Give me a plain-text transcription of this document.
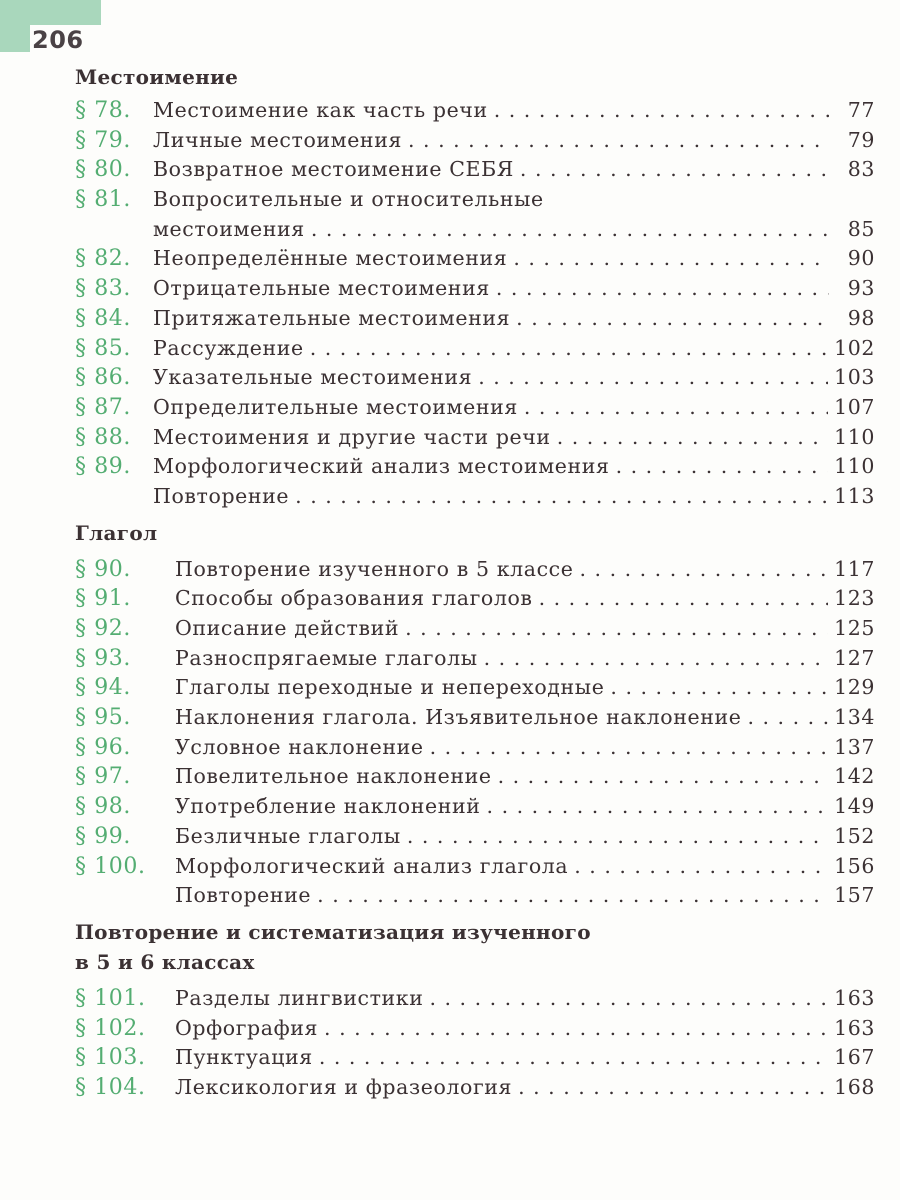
206
Местоимение
§ 78.	Местоимение как часть речи . . .	77
§ 79.	Личные местоимения . . .	79
§ 80.	Возвратное местоимение СЕБЯ . . .	83
§ 81.	Вопросительные и относительные
местоимения . . .	85
§ 82.	Неопределённые местоимения . . .	90
§ 83.	Отрицательные местоимения . . .	93
§ 84.	Притяжательные местоимения . . .	98
§ 85.	Рассуждение . . .	102
§ 86.	Указательные местоимения . . .	103
§ 87.	Определительные местоимения . . .	107
§ 88.	Местоимения и другие части речи . . .	110
§ 89.	Морфологический анализ местоимения . . .	110
Повторение . . .	113
Глагол
§ 90.	Повторение изученного в 5 классе . . .	117
§ 91.	Способы образования глаголов . . .	123
§ 92.	Описание действий . . .	125
§ 93.	Разноспрягаемые глаголы . . .	127
§ 94.	Глаголы переходные и непереходные . . .	129
§ 95.	Наклонения глагола. Изъявительное наклонение . . .	134
§ 96.	Условное наклонение . . .	137
§ 97.	Повелительное наклонение . . .	142
§ 98.	Употребление наклонений . . .	149
§ 99.	Безличные глаголы . . .	152
§ 100.	Морфологический анализ глагола . . .	156
Повторение . . .	157
Повторение и систематизация изученного
в 5 и 6 классах
§ 101.	Разделы лингвистики . . .	163
§ 102.	Орфография . . .	163
§ 103.	Пунктуация . . .	167
§ 104.	Лексикология и фразеология . . .	168
